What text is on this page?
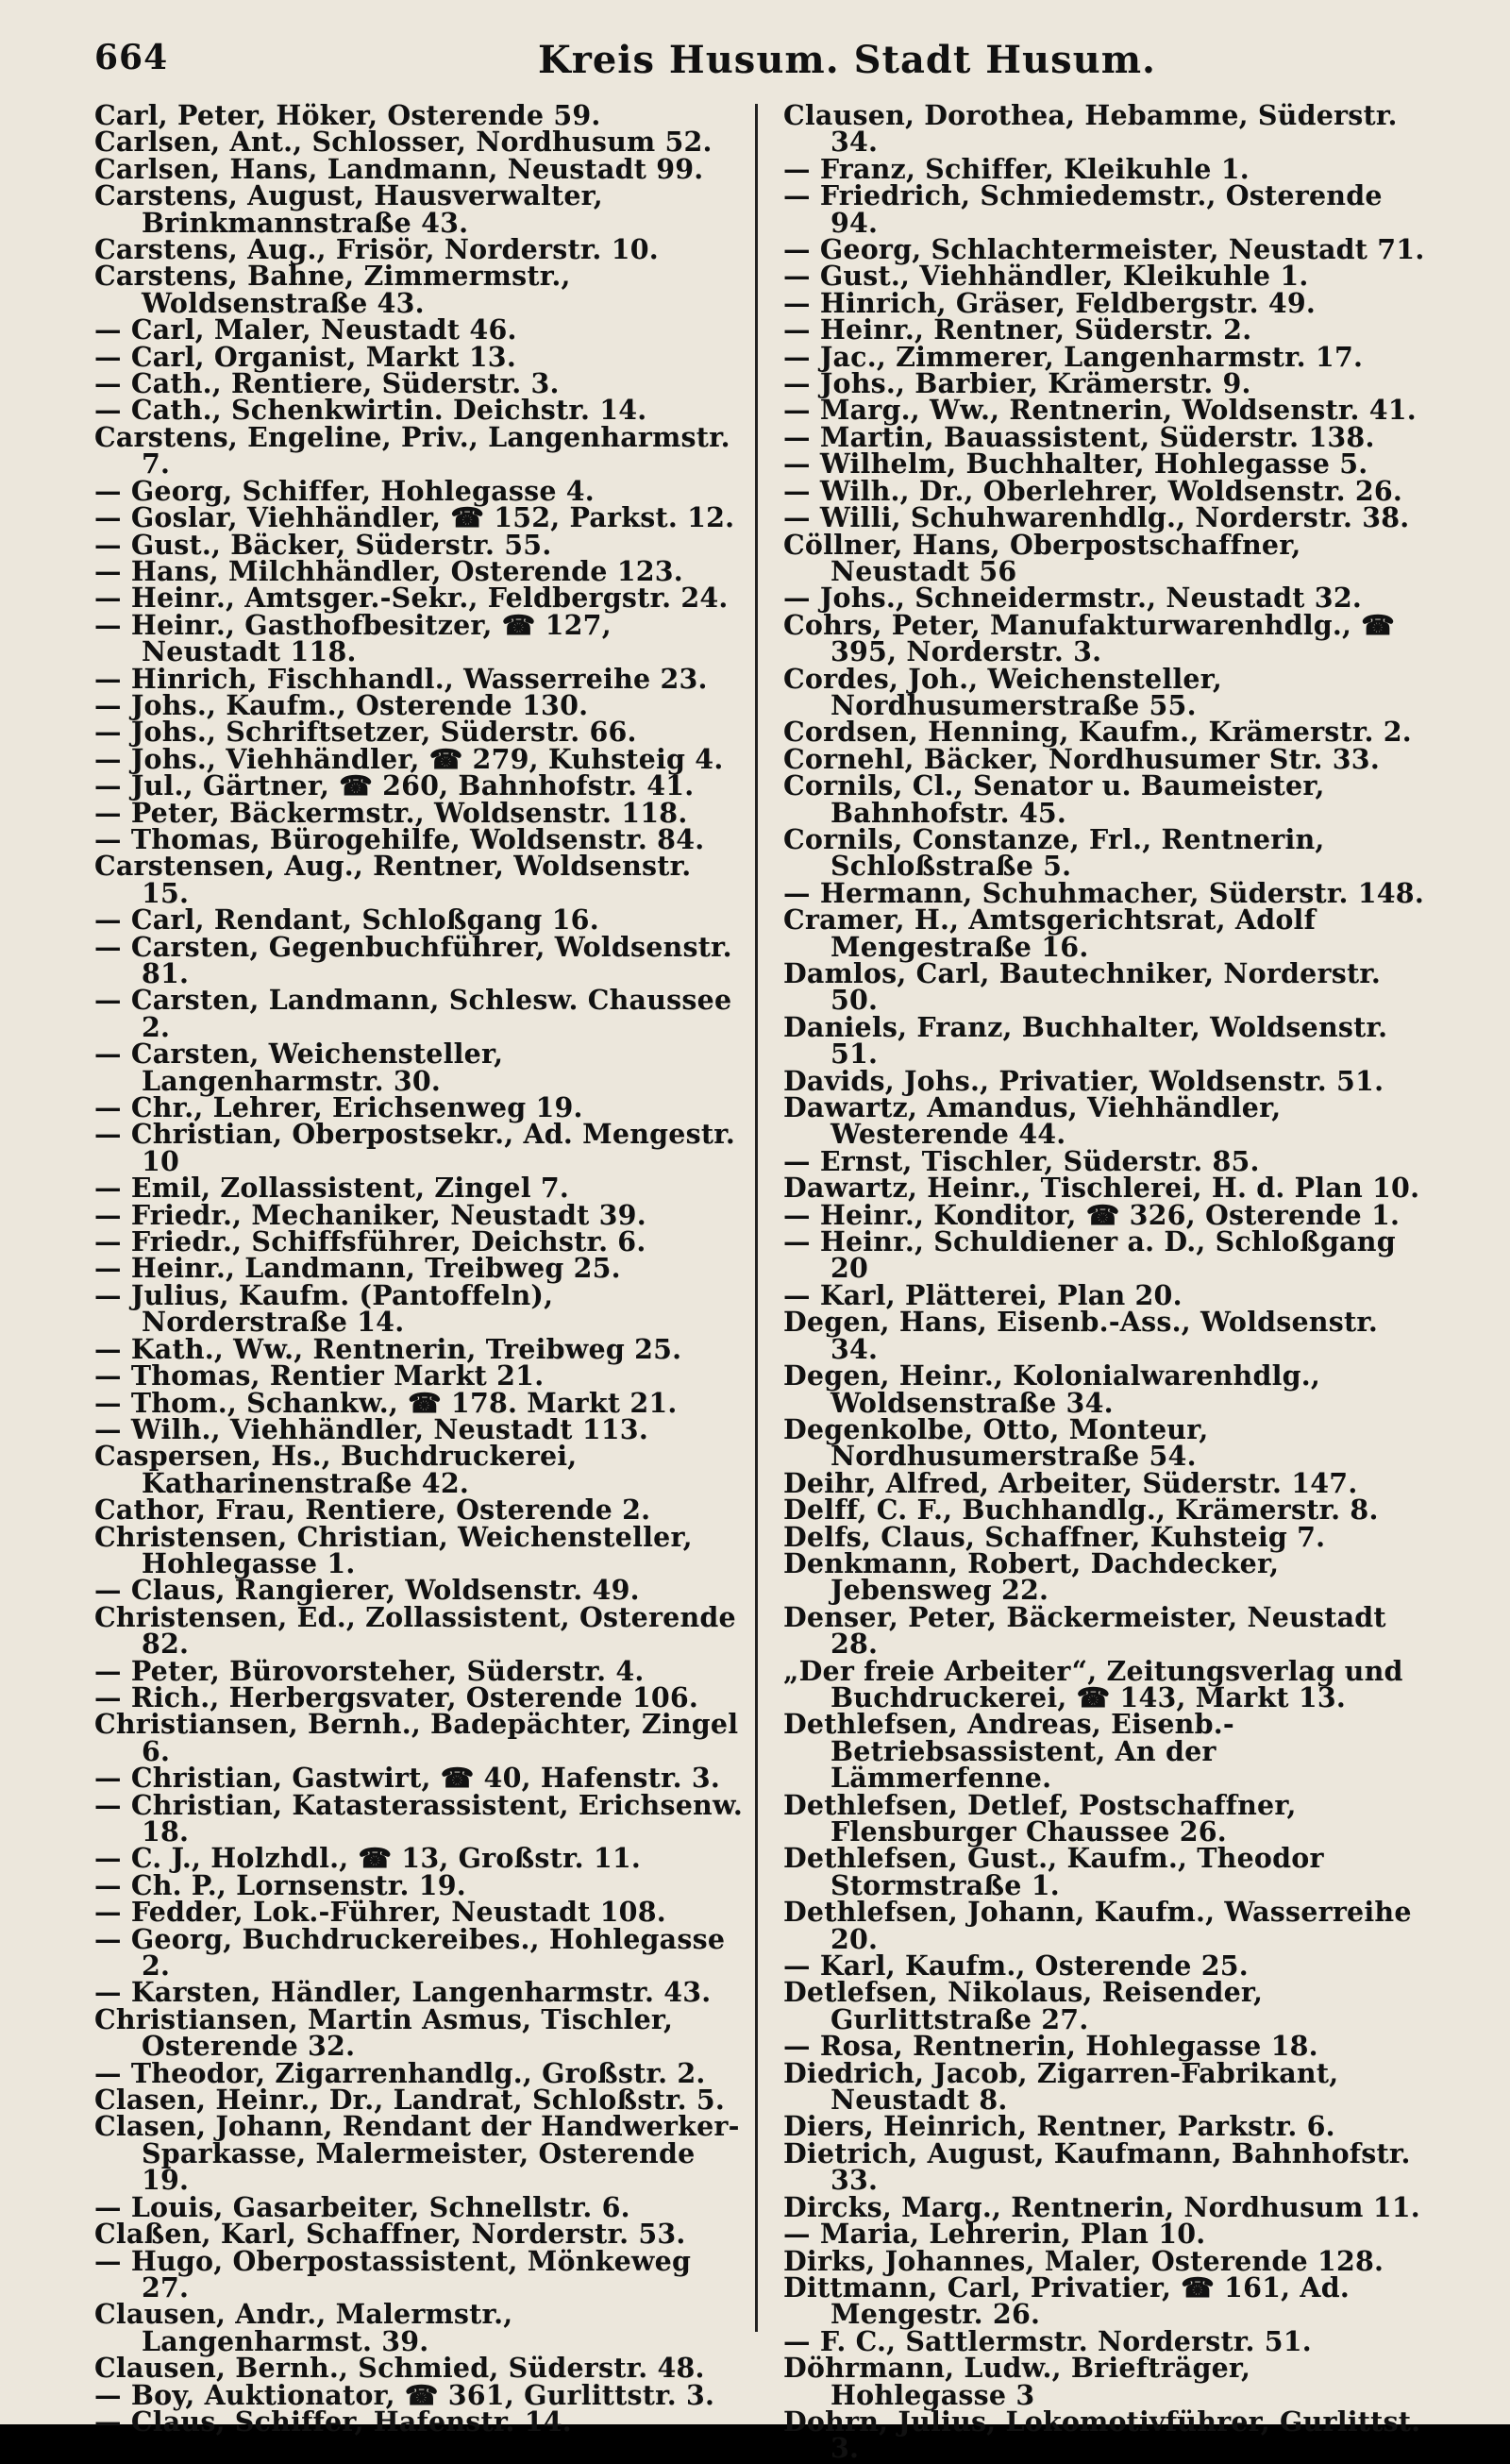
664	Kreis Husum. Stadt Husum.
Carl, Peter, Höker, Osterende 59.
Carlsen, Ant., Schlosser, Nordhusum 52.
Carlsen, Hans, Landmann, Neustadt 99.
Carstens, August, Hausverwalter, Brinkmannstraße 43.
Carstens, Aug., Frisör, Norderstr. 10.
Carstens, Bahne, Zimmermstr., Woldsenstraße 43.
— Carl, Maler, Neustadt 46.
— Carl, Organist, Markt 13.
— Cath., Rentiere, Süderstr. 3.
— Cath., Schenkwirtin. Deichstr. 14.
Carstens, Engeline, Priv., Langenharmstr. 7.
— Georg, Schiffer, Hohlegasse 4.
— Goslar, Viehhändler, ☎ 152, Parkst. 12.
— Gust., Bäcker, Süderstr. 55.
— Hans, Milchhändler, Osterende 123.
— Heinr., Amtsger.-Sekr., Feldbergstr. 24.
— Heinr., Gasthofbesitzer, ☎ 127, Neustadt 118.
— Hinrich, Fischhandl., Wasserreihe 23.
— Johs., Kaufm., Osterende 130.
— Johs., Schriftsetzer, Süderstr. 66.
— Johs., Viehhändler, ☎ 279, Kuhsteig 4.
— Jul., Gärtner, ☎ 260, Bahnhofstr. 41.
— Peter, Bäckermstr., Woldsenstr. 118.
— Thomas, Bürogehilfe, Woldsenstr. 84.
Carstensen, Aug., Rentner, Woldsenstr. 15.
— Carl, Rendant, Schloßgang 16.
— Carsten, Gegenbuchführer, Woldsenstr. 81.
— Carsten, Landmann, Schlesw. Chaussee 2.
— Carsten, Weichensteller, Langenharmstr. 30.
— Chr., Lehrer, Erichsenweg 19.
— Christian, Oberpostsekr., Ad. Mengestr. 10
— Emil, Zollassistent, Zingel 7.
— Friedr., Mechaniker, Neustadt 39.
— Friedr., Schiffsführer, Deichstr. 6.
— Heinr., Landmann, Treibweg 25.
— Julius, Kaufm. (Pantoffeln), Norderstraße 14.
— Kath., Ww., Rentnerin, Treibweg 25.
— Thomas, Rentier Markt 21.
— Thom., Schankw., ☎ 178. Markt 21.
— Wilh., Viehhändler, Neustadt 113.
Caspersen, Hs., Buchdruckerei, Katharinenstraße 42.
Cathor, Frau, Rentiere, Osterende 2.
Christensen, Christian, Weichensteller, Hohlegasse 1.
— Claus, Rangierer, Woldsenstr. 49.
Christensen, Ed., Zollassistent, Osterende 82.
— Peter, Bürovorsteher, Süderstr. 4.
— Rich., Herbergsvater, Osterende 106.
Christiansen, Bernh., Badepächter, Zingel 6.
— Christian, Gastwirt, ☎ 40, Hafenstr. 3.
— Christian, Katasterassistent, Erichsenw. 18.
— C. J., Holzhdl., ☎ 13, Großstr. 11.
— Ch. P., Lornsenstr. 19.
— Fedder, Lok.-Führer, Neustadt 108.
— Georg, Buchdruckereibes., Hohlegasse 2.
— Karsten, Händler, Langenharmstr. 43.
Christiansen, Martin Asmus, Tischler, Osterende 32.
— Theodor, Zigarrenhandlg., Großstr. 2.
Clasen, Heinr., Dr., Landrat, Schloßstr. 5.
Clasen, Johann, Rendant der Handwerker-Sparkasse, Malermeister, Osterende 19.
— Louis, Gasarbeiter, Schnellstr. 6.
Claßen, Karl, Schaffner, Norderstr. 53.
— Hugo, Oberpostassistent, Mönkeweg 27.
Clausen, Andr., Malermstr., Langenharmst. 39.
Clausen, Bernh., Schmied, Süderstr. 48.
— Boy, Auktionator, ☎ 361, Gurlittstr. 3.
— Claus, Schiffer, Hafenstr. 14.
Clausen, Dorothea, Hebamme, Süderstr. 34.
— Franz, Schiffer, Kleikuhle 1.
— Friedrich, Schmiedemstr., Osterende 94.
— Georg, Schlachtermeister, Neustadt 71.
— Gust., Viehhändler, Kleikuhle 1.
— Hinrich, Gräser, Feldbergstr. 49.
— Heinr., Rentner, Süderstr. 2.
— Jac., Zimmerer, Langenharmstr. 17.
— Johs., Barbier, Krämerstr. 9.
— Marg., Ww., Rentnerin, Woldsenstr. 41.
— Martin, Bauassistent, Süderstr. 138.
— Wilhelm, Buchhalter, Hohlegasse 5.
— Wilh., Dr., Oberlehrer, Woldsenstr. 26.
— Willi, Schuhwarenhdlg., Norderstr. 38.
Cöllner, Hans, Oberpostschaffner, Neustadt 56
— Johs., Schneidermstr., Neustadt 32.
Cohrs, Peter, Manufakturwarenhdlg., ☎ 395, Norderstr. 3.
Cordes, Joh., Weichensteller, Nordhusumerstraße 55.
Cordsen, Henning, Kaufm., Krämerstr. 2.
Cornehl, Bäcker, Nordhusumer Str. 33.
Cornils, Cl., Senator u. Baumeister, Bahnhofstr. 45.
Cornils, Constanze, Frl., Rentnerin, Schloßstraße 5.
— Hermann, Schuhmacher, Süderstr. 148.
Cramer, H., Amtsgerichtsrat, Adolf Mengestraße 16.
Damlos, Carl, Bautechniker, Norderstr. 50.
Daniels, Franz, Buchhalter, Woldsenstr. 51.
Davids, Johs., Privatier, Woldsenstr. 51.
Dawartz, Amandus, Viehhändler, Westerende 44.
— Ernst, Tischler, Süderstr. 85.
Dawartz, Heinr., Tischlerei, H. d. Plan 10.
— Heinr., Konditor, ☎ 326, Osterende 1.
— Heinr., Schuldiener a. D., Schloßgang 20
— Karl, Plätterei, Plan 20.
Degen, Hans, Eisenb.-Ass., Woldsenstr. 34.
Degen, Heinr., Kolonialwarenhdlg., Woldsenstraße 34.
Degenkolbe, Otto, Monteur, Nordhusumerstraße 54.
Deihr, Alfred, Arbeiter, Süderstr. 147.
Delff, C. F., Buchhandlg., Krämerstr. 8.
Delfs, Claus, Schaffner, Kuhsteig 7.
Denkmann, Robert, Dachdecker, Jebensweg 22.
Denser, Peter, Bäckermeister, Neustadt 28.
„Der freie Arbeiter“, Zeitungsverlag und Buchdruckerei, ☎ 143, Markt 13.
Dethlefsen, Andreas, Eisenb.-Betriebsassistent, An der Lämmerfenne.
Dethlefsen, Detlef, Postschaffner, Flensburger Chaussee 26.
Dethlefsen, Gust., Kaufm., Theodor Stormstraße 1.
Dethlefsen, Johann, Kaufm., Wasserreihe 20.
— Karl, Kaufm., Osterende 25.
Detlefsen, Nikolaus, Reisender, Gurlittstraße 27.
— Rosa, Rentnerin, Hohlegasse 18.
Diedrich, Jacob, Zigarren-Fabrikant, Neustadt 8.
Diers, Heinrich, Rentner, Parkstr. 6.
Dietrich, August, Kaufmann, Bahnhofstr. 33.
Dircks, Marg., Rentnerin, Nordhusum 11.
— Maria, Lehrerin, Plan 10.
Dirks, Johannes, Maler, Osterende 128.
Dittmann, Carl, Privatier, ☎ 161, Ad. Mengestr. 26.
— F. C., Sattlermstr. Norderstr. 51.
Döhrmann, Ludw., Briefträger, Hohlegasse 3
Dohrn, Julius, Lokomotivführer, Gurlittst. 3.
